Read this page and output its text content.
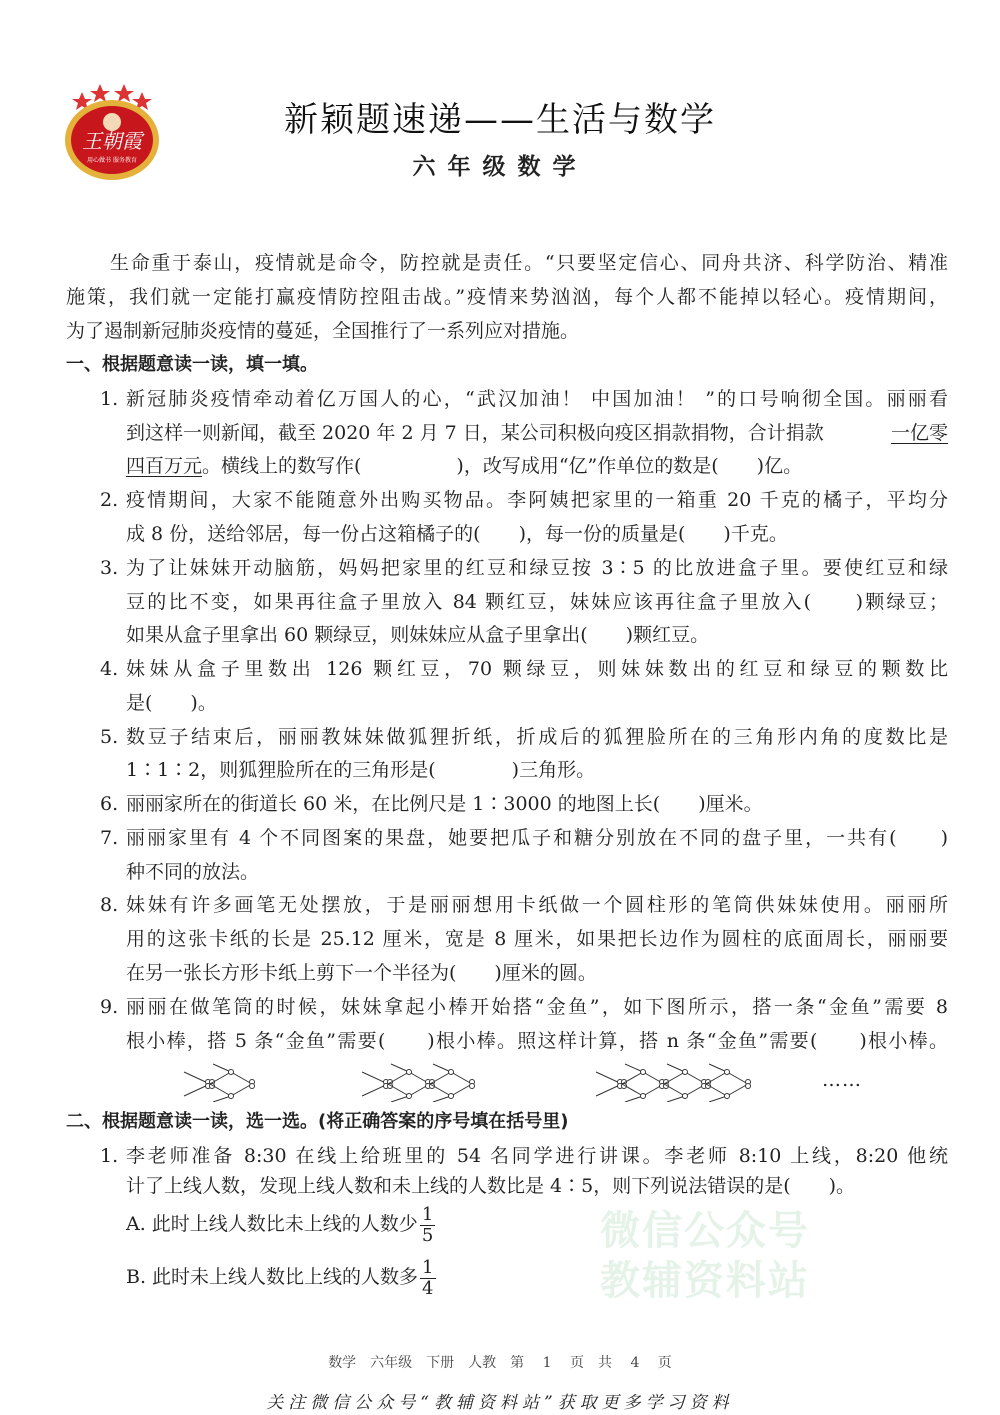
王朝霞
用心做书 服务教育
新颖题速递——生活与数学
六年级数学
微信公众号
教辅资料站
生命重于泰山，疫情就是命令，防控就是责任。“只要坚定信心、同舟共济、科学防治、精准
施策，我们就一定能打赢疫情防控阻击战。”疫情来势汹汹，每个人都不能掉以轻心。疫情期间，
为了遏制新冠肺炎疫情的蔓延，全国推行了一系列应对措施。
一、根据题意读一读，填一填。
1. 新冠肺炎疫情牵动着亿万国人的心，“武汉加油！ 中国加油！ ”的口号响彻全国。丽丽看
到这样一则新闻，截至 2020 年 2 月 7 日，某公司积极向疫区捐款捐物，合计捐款	一亿零
四百万元。横线上的数写作(　　　　　)，改写成用“亿”作单位的数是(　　)亿。
2. 疫情期间，大家不能随意外出购买物品。李阿姨把家里的一箱重 20 千克的橘子，平均分
成 8 份，送给邻居，每一份占这箱橘子的(　　)，每一份的质量是(　　)千克。
3. 为了让妹妹开动脑筋，妈妈把家里的红豆和绿豆按 3∶5 的比放进盒子里。要使红豆和绿
豆的比不变，如果再往盒子里放入 84 颗红豆，妹妹应该再往盒子里放入(　　)颗绿豆；
如果从盒子里拿出 60 颗绿豆，则妹妹应从盒子里拿出(　　)颗红豆。
4. 妹妹从盒子里数出 126 颗红豆，70 颗绿豆，则妹妹数出的红豆和绿豆的颗数比
是(　　)。
5. 数豆子结束后，丽丽教妹妹做狐狸折纸，折成后的狐狸脸所在的三角形内角的度数比是
1∶1∶2，则狐狸脸所在的三角形是(　　　　)三角形。
6. 丽丽家所在的街道长 60 米，在比例尺是 1∶3000 的地图上长(　　)厘米。
7. 丽丽家里有 4 个不同图案的果盘，她要把瓜子和糖分别放在不同的盘子里，一共有(　　)
种不同的放法。
8. 妹妹有许多画笔无处摆放，于是丽丽想用卡纸做一个圆柱形的笔筒供妹妹使用。丽丽所
用的这张卡纸的长是 25.12 厘米，宽是 8 厘米，如果把长边作为圆柱的底面周长，丽丽要
在另一张长方形卡纸上剪下一个半径为(　　)厘米的圆。
9. 丽丽在做笔筒的时候，妹妹拿起小棒开始搭“金鱼”，如下图所示，搭一条“金鱼”需要 8
根小棒，搭 5 条“金鱼”需要(　　)根小棒。照这样计算，搭 n 条“金鱼”需要(　　)根小棒。
……
二、根据题意读一读，选一选。(将正确答案的序号填在括号里)
1. 李老师准备 8:30 在线上给班里的 54 名同学进行讲课。李老师 8:10 上线，8:20 他统
计了上线人数，发现上线人数和未上线的人数比是 4∶5，则下列说法错误的是(　　)。
A. 此时上线人数比未上线的人数少 $\frac{1}{5}$
B. 此时未上线人数比上线的人数多 $\frac{1}{4}$
数学　六年级　下册　人教　第 1 页　共 4 页
关注微信公众号“教辅资料站”获取更多学习资料
